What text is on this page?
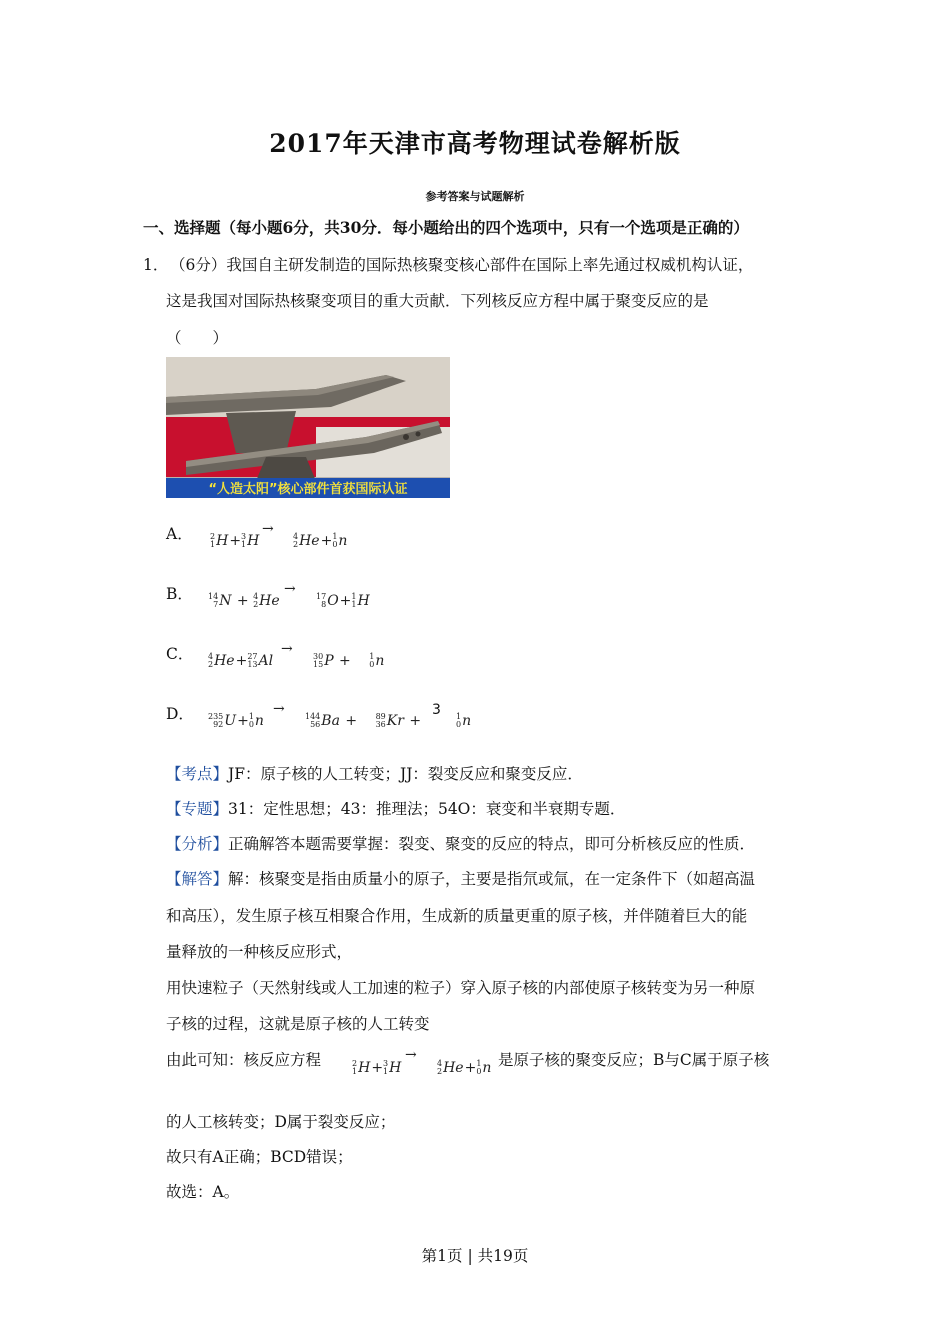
2017年天津市高考物理试卷解析版
参考答案与试题解析
一、选择题（每小题6分，共30分．每小题给出的四个选项中，只有一个选项是正确的）
1． （6分）我国自主研发制造的国际热核聚变核心部件在国际上率先通过权威机构认证，
这是我国对国际热核聚变项目的重大贡献．下列核反应方程中属于聚变反应的是
（　　）
“人造太阳”核心部件首获国际认证
A． 2
1 H+ 3
1 H
→ 4
2 He+ 1
0 n
B． 14
7 N + 4
2 He
→	17
8 O+ 1
1 H
C． 4
2 He+ 27
13 Al
→	30
15 P + 1
0 n
D． 235
92 U+ 1
0 n
→	144
56 Ba + 89
36 Kr +
3 1
0 n
【考点】JF：原子核的人工转变；JJ：裂变反应和聚变反应．
【专题】31：定性思想；43：推理法；54O：衰变和半衰期专题．
【分析】正确解答本题需要掌握：裂变、聚变的反应的特点，即可分析核反应的性质．
【解答】解：核聚变是指由质量小的原子，主要是指氘或氚，在一定条件下（如超高温
和高压），发生原子核互相聚合作用，生成新的质量更重的原子核，并伴随着巨大的能
量释放的一种核反应形式，
用快速粒子（天然射线或人工加速的粒子）穿入原子核的内部使原子核转变为另一种原
子核的过程，这就是原子核的人工转变
由此可知：核反应方程	2
1 H+ 3
1 H
→
4
2 He+ 1
0 n 是原子核的聚变反应；B与C属于原子核
的人工核转变；D属于裂变反应；
故只有A正确；BCD错误；
故选：A。
第1页 | 共19页
